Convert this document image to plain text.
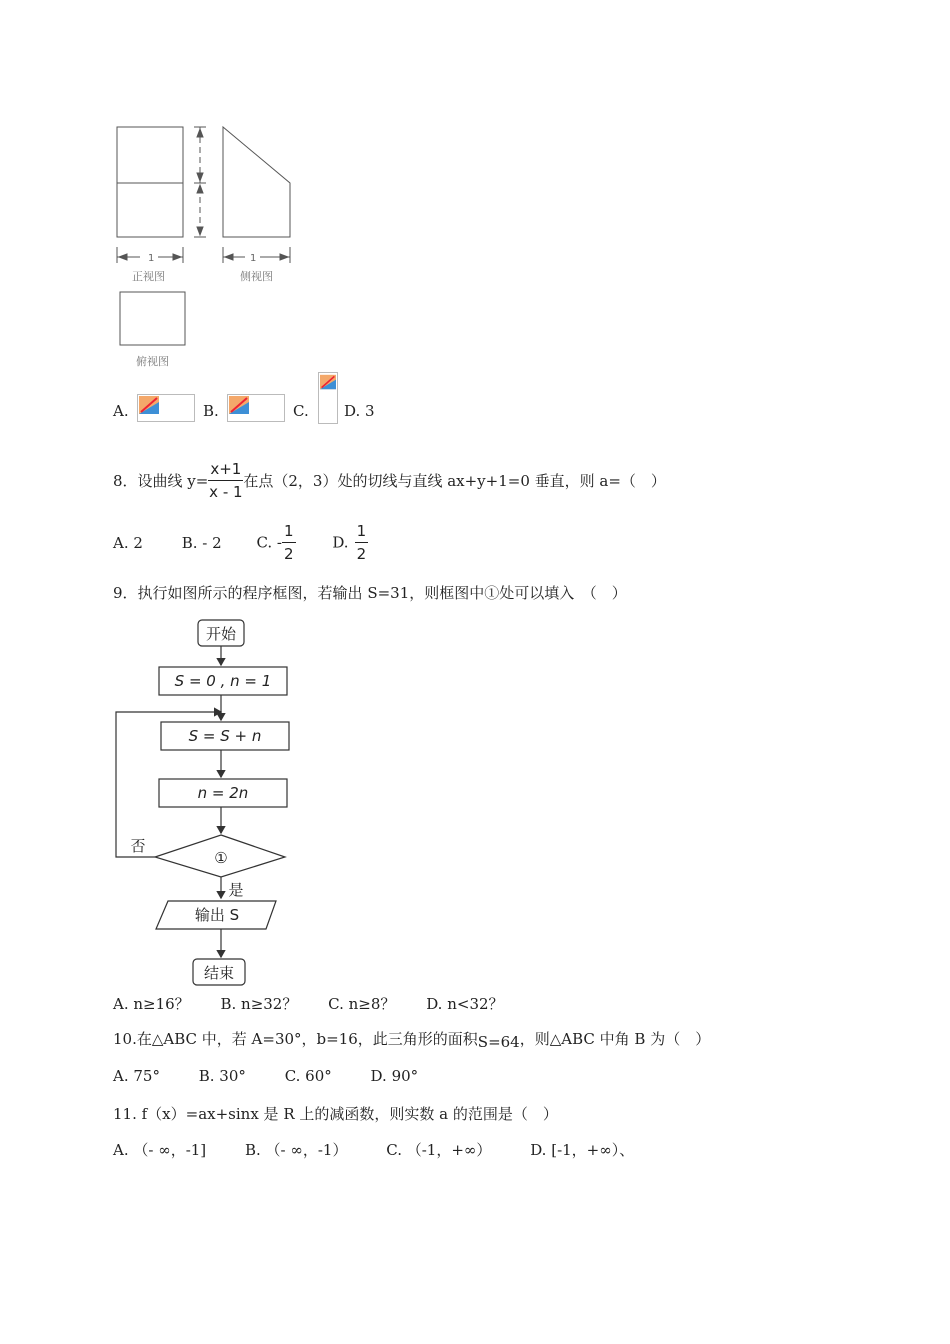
1
正视图
1
侧视图
俯视图
A.	B.	C. D. 3
8．设曲线 $y= \frac{x+1}{x - 1}$ 在点（2，3）处的切线与直线 ax+y+1=0 垂直，则 a=（　）
A. 2	B. - 2 C. - $\frac{1}{2} D$. $\frac{1}{2}$
9．执行如图所示的程序框图，若输出 S=31，则框图中①处可以填入　（　）
开始
S = 0 , n = 1
S = S + n
n = 2n
①
否
是
输出 S
结束
A. n≥16？ B. n≥32？ C. n≥8？ D. n<32？
10.在△ABC 中，若 A=30°，b=16，此三角形的面积S=64，则△ABC 中角 B 为（　）
A. 75°	B. 30°	C. 60°	D. 90°
11. f（x）=ax+sinx 是 R 上的减函数，则实数 a 的范围是（　）
A. （- ∞，-1]	B. （- ∞，-1）	C. （-1，+∞）	D. [-1，+∞）、
